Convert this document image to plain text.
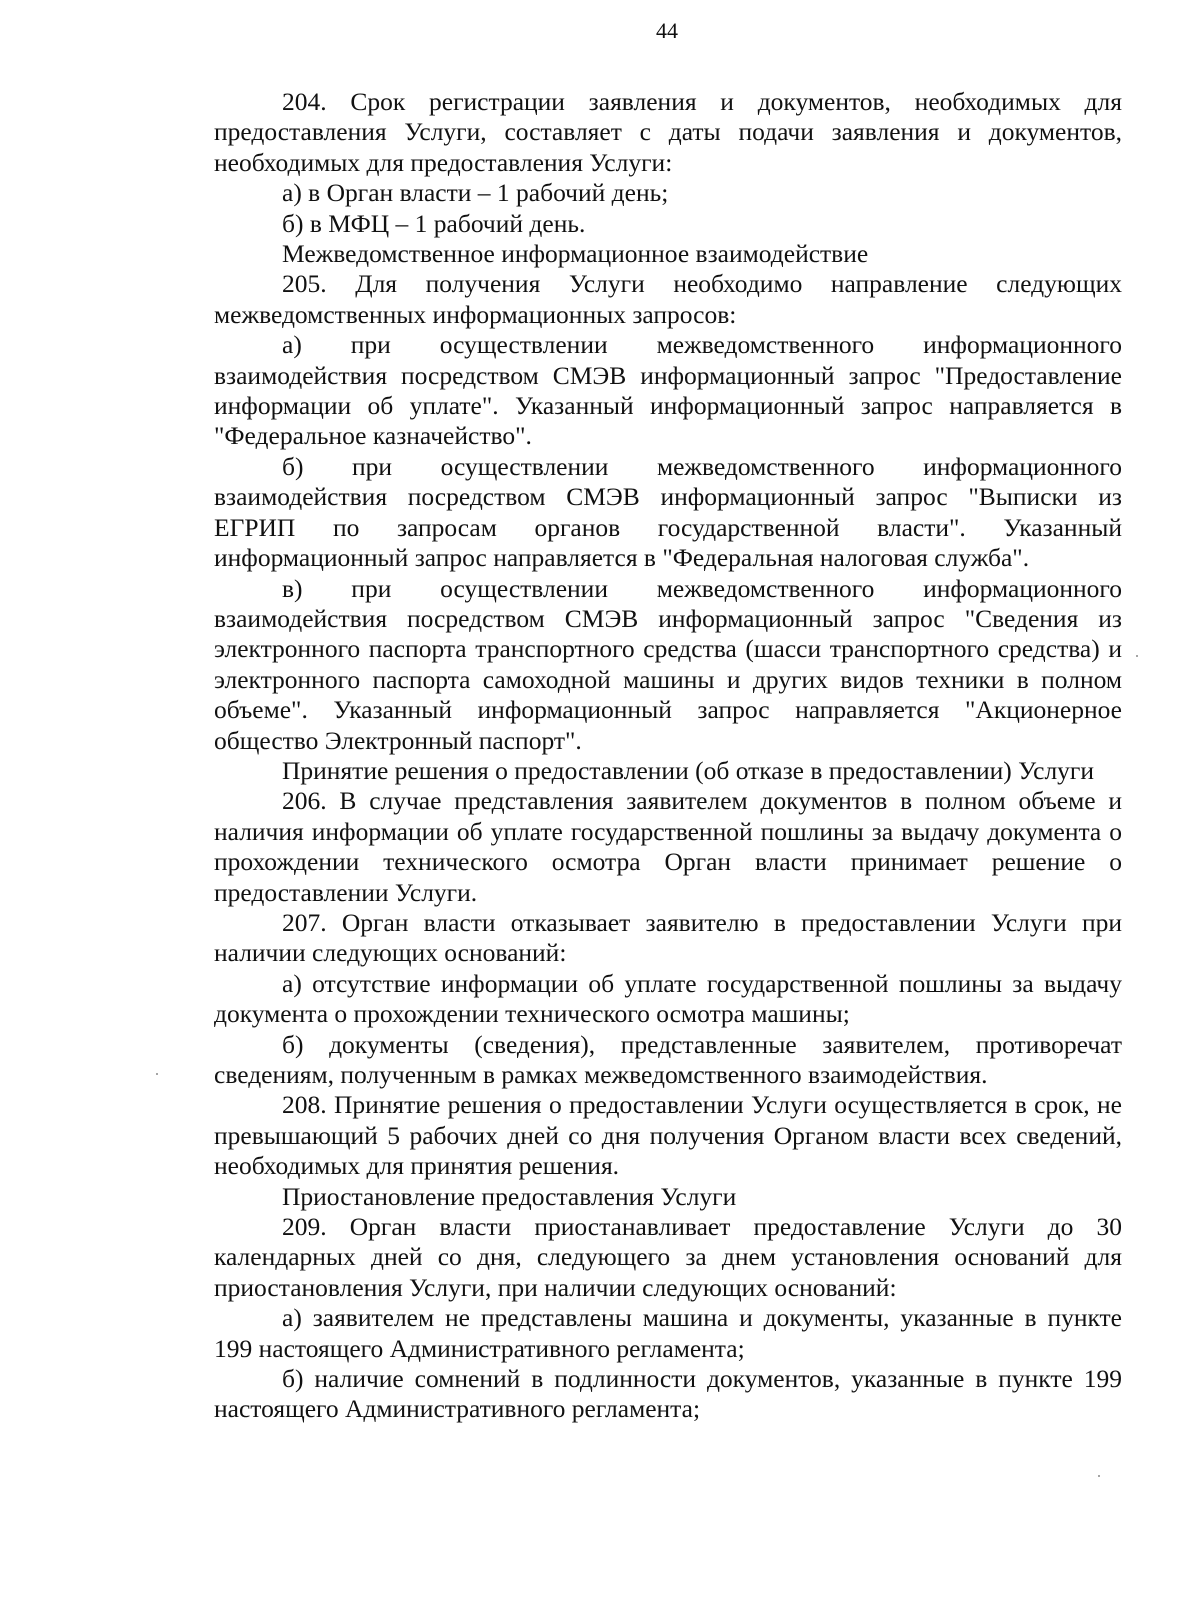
44

204. Срок регистрации заявления и документов, необходимых для предоставления Услуги, составляет с даты подачи заявления и документов, необходимых для предоставления Услуги:

а) в Орган власти – 1 рабочий день;

б) в МФЦ – 1 рабочий день.

Межведомственное информационное взаимодействие

205. Для получения Услуги необходимо направление следующих межведомственных информационных запросов:

а) при осуществлении межведомственного информационного взаимодействия посредством СМЭВ информационный запрос "Предоставление информации об уплате". Указанный информационный запрос направляется в "Федеральное казначейство".

б) при осуществлении межведомственного информационного взаимодействия посредством СМЭВ информационный запрос "Выписки из ЕГРИП по запросам органов государственной власти". Указанный информационный запрос направляется в "Федеральная налоговая служба".

в) при осуществлении межведомственного информационного взаимодействия посредством СМЭВ информационный запрос "Сведения из электронного паспорта транспортного средства (шасси транспортного средства) и электронного паспорта самоходной машины и других видов техники в полном объеме". Указанный информационный запрос направляется "Акционерное общество Электронный паспорт".

Принятие решения о предоставлении (об отказе в предоставлении) Услуги

206. В случае представления заявителем документов в полном объеме и наличия информации об уплате государственной пошлины за выдачу документа о прохождении технического осмотра Орган власти принимает решение о предоставлении Услуги.

207. Орган власти отказывает заявителю в предоставлении Услуги при наличии следующих оснований:

а) отсутствие информации об уплате государственной пошлины за выдачу документа о прохождении технического осмотра машины;

б) документы (сведения), представленные заявителем, противоречат сведениям, полученным в рамках межведомственного взаимодействия.

208. Принятие решения о предоставлении Услуги осуществляется в срок, не превышающий 5 рабочих дней со дня получения Органом власти всех сведений, необходимых для принятия решения.

Приостановление предоставления Услуги

209. Орган власти приостанавливает предоставление Услуги до 30 календарных дней со дня, следующего за днем установления оснований для приостановления Услуги, при наличии следующих оснований:

а) заявителем не представлены машина и документы, указанные в пункте 199 настоящего Административного регламента;

б) наличие сомнений в подлинности документов, указанные в пункте 199 настоящего Административного регламента;
